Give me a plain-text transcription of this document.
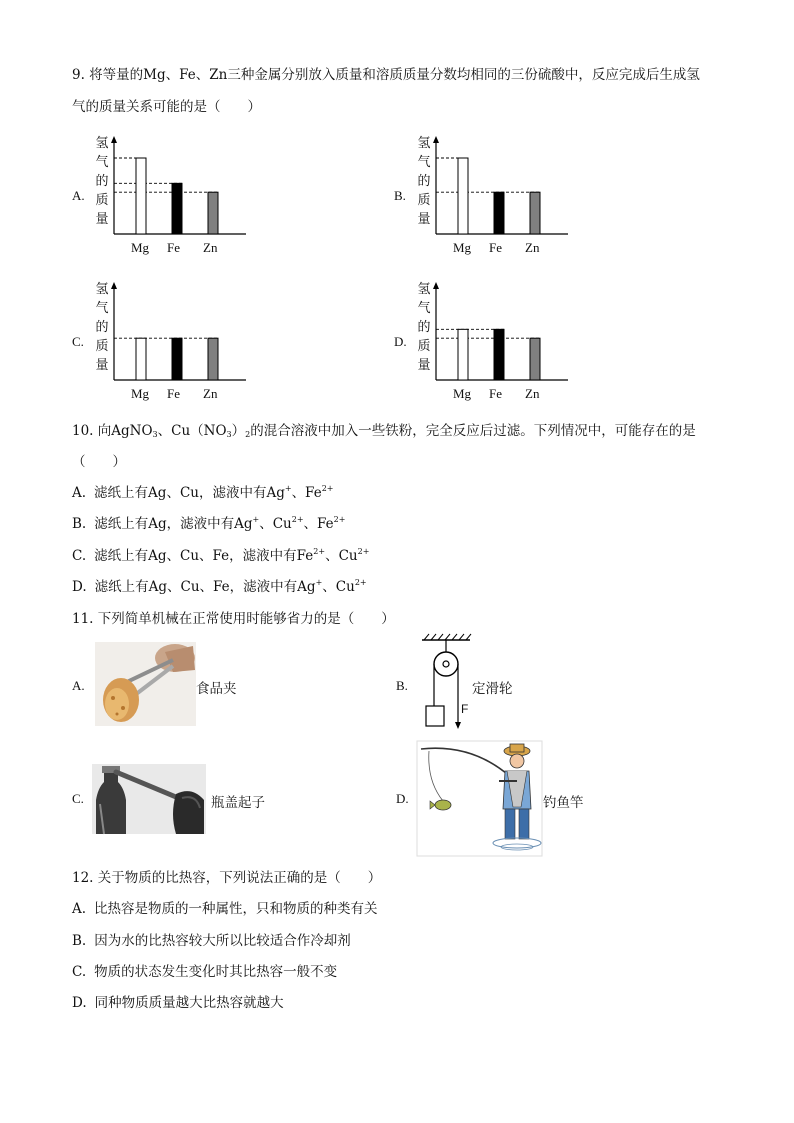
9. 将等量的Mg、Fe、Zn三种金属分别放入质量和溶质质量分数均相同的三份硫酸中，反应完成后生成氢
气的质量关系可能的是（　　）
A.
氢
气
的
质
量
Mg Fe Zn
B.
氢
气
的
质
量
Mg Fe Zn
C.
氢
气
的
质
量
Mg Fe Zn
D.
氢
气
的
质
量
Mg Fe Zn
10. 向AgNO$_3$、$Cu(NO_3)_2$的混合溶液中加入一些铁粉，完全反应后过滤。下列情况中，可能存在的是
（　　）
A. 滤纸上有Ag、Cu，滤液中有Ag+、$Fe^{2+}$
B. 滤纸上有Ag，滤液中有Ag+、$Cu^{2+}$、$Fe^{2+}$
C. 滤纸上有Ag、Cu、Fe，滤液中有$Fe^{2+}$、$Cu^{2+}$
D. 滤纸上有Ag、Cu、Fe，滤液中有Ag+、$Cu^{2+}$
11. 下列简单机械在正常使用时能够省力的是（　　）
A.	食品夹	B.
F
定滑轮
C.	瓶盖起子	D.	钓鱼竿
12. 关于物质的比热容，下列说法正确的是（　　）
A. 比热容是物质的一种属性，只和物质的种类有关
B. 因为水的比热容较大所以比较适合作冷却剂
C. 物质的状态发生变化时其比热容一般不变
D. 同种物质质量越大比热容就越大
